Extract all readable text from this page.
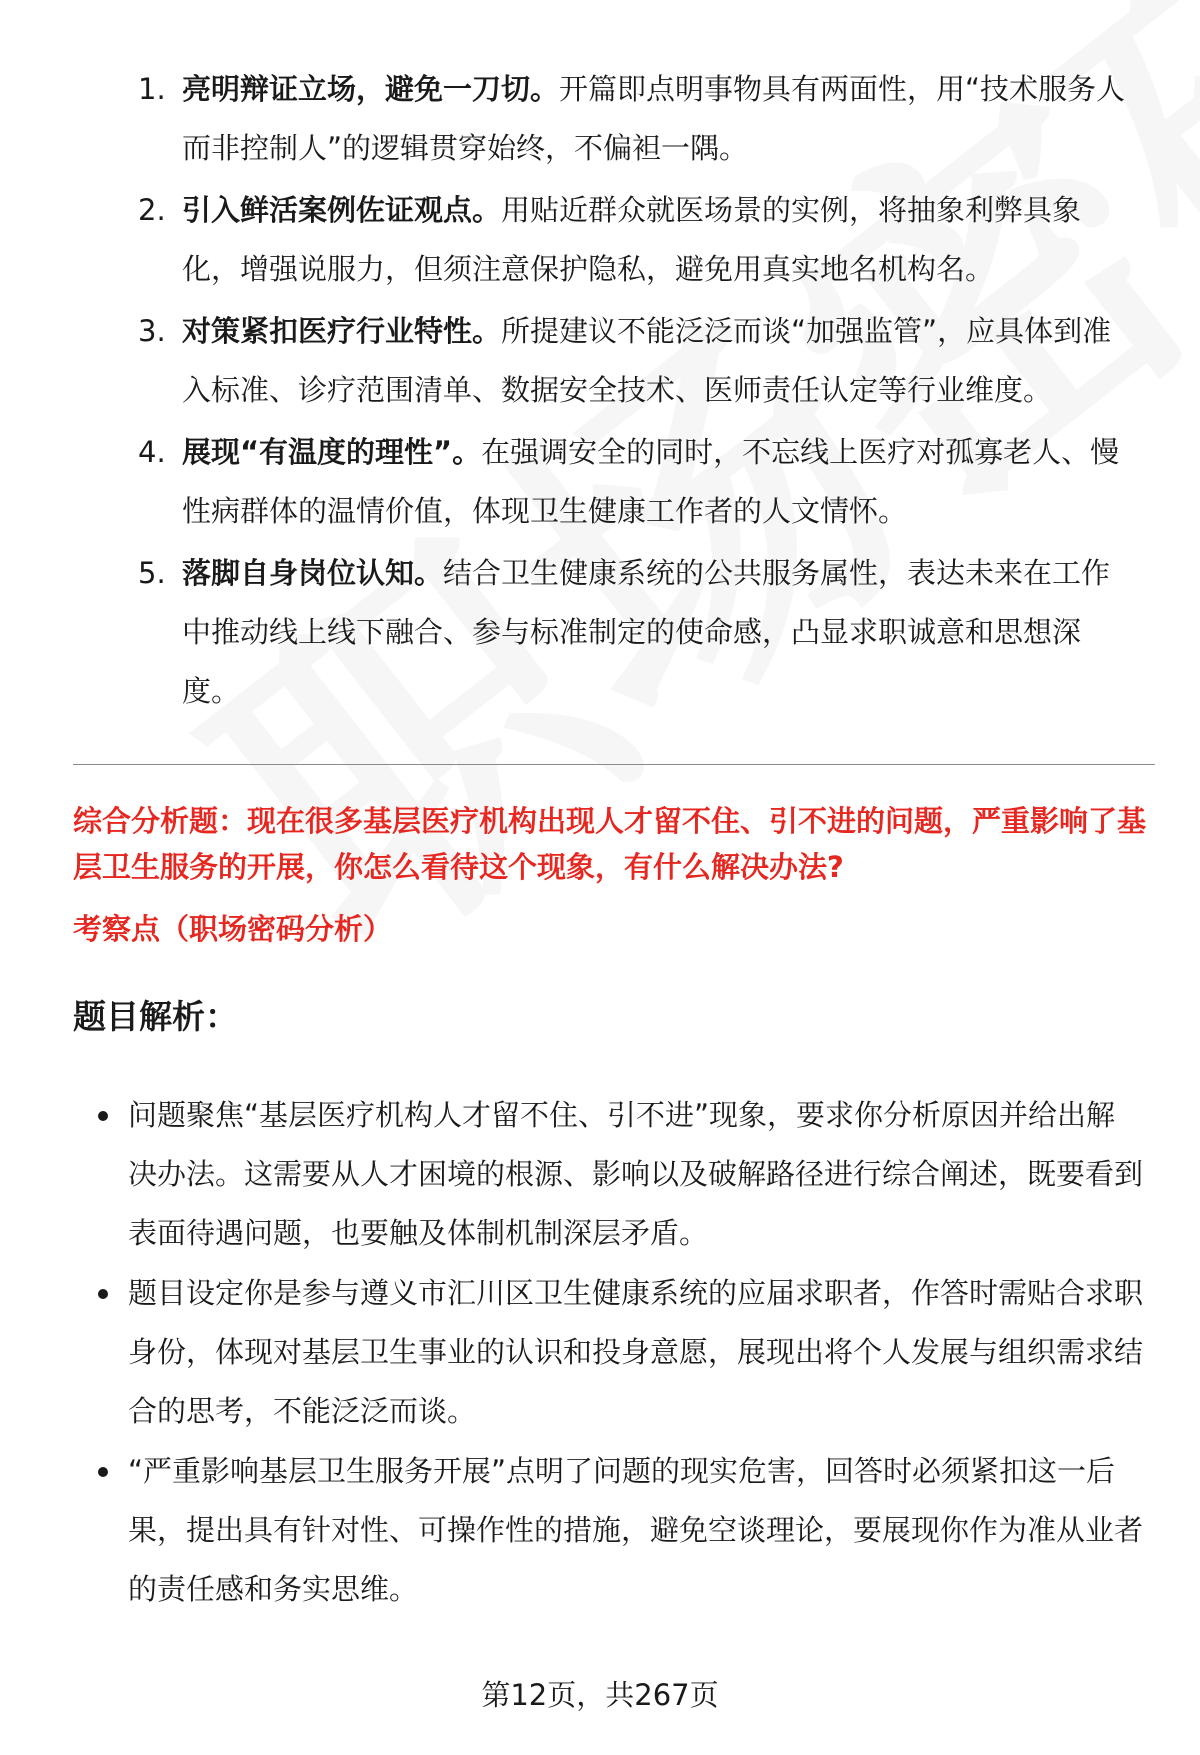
1. 亮明辩证立场，避免一刀切。开篇即点明事物具有两面性，用“技术服务人而非控制人”的逻辑贯穿始终，不偏袒一隅。
2. 引入鲜活案例佐证观点。用贴近群众就医场景的实例，将抽象利弊具象化，增强说服力，但须注意保护隐私，避免用真实地名机构名。
3. 对策紧扣医疗行业特性。所提建议不能泛泛而谈“加强监管”，应具体到准入标准、诊疗范围清单、数据安全技术、医师责任认定等行业维度。
4. 展现“有温度的理性”。在强调安全的同时，不忘线上医疗对孤寡老人、慢性病群体的温情价值，体现卫生健康工作者的人文情怀。
5. 落脚自身岗位认知。结合卫生健康系统的公共服务属性，表达未来在工作中推动线上线下融合、参与标准制定的使命感，凸显求职诚意和思想深度。
综合分析题：现在很多基层医疗机构出现人才留不住、引不进的问题，严重影响了基层卫生服务的开展，你怎么看待这个现象，有什么解决办法?
考察点（职场密码分析）
题目解析：
问题聚焦“基层医疗机构人才留不住、引不进”现象，要求你分析原因并给出解决办法。这需要从人才困境的根源、影响以及破解路径进行综合阐述，既要看到表面待遇问题，也要触及体制机制深层矛盾。
题目设定你是参与遵义市汇川区卫生健康系统的应届求职者，作答时需贴合求职身份，体现对基层卫生事业的认识和投身意愿，展现出将个人发展与组织需求结合的思考，不能泛泛而谈。
“严重影响基层卫生服务开展”点明了问题的现实危害，回答时必须紧扣这一后果，提出具有针对性、可操作性的措施，避免空谈理论，要展现你作为准从业者的责任感和务实思维。
第12页，共267页
